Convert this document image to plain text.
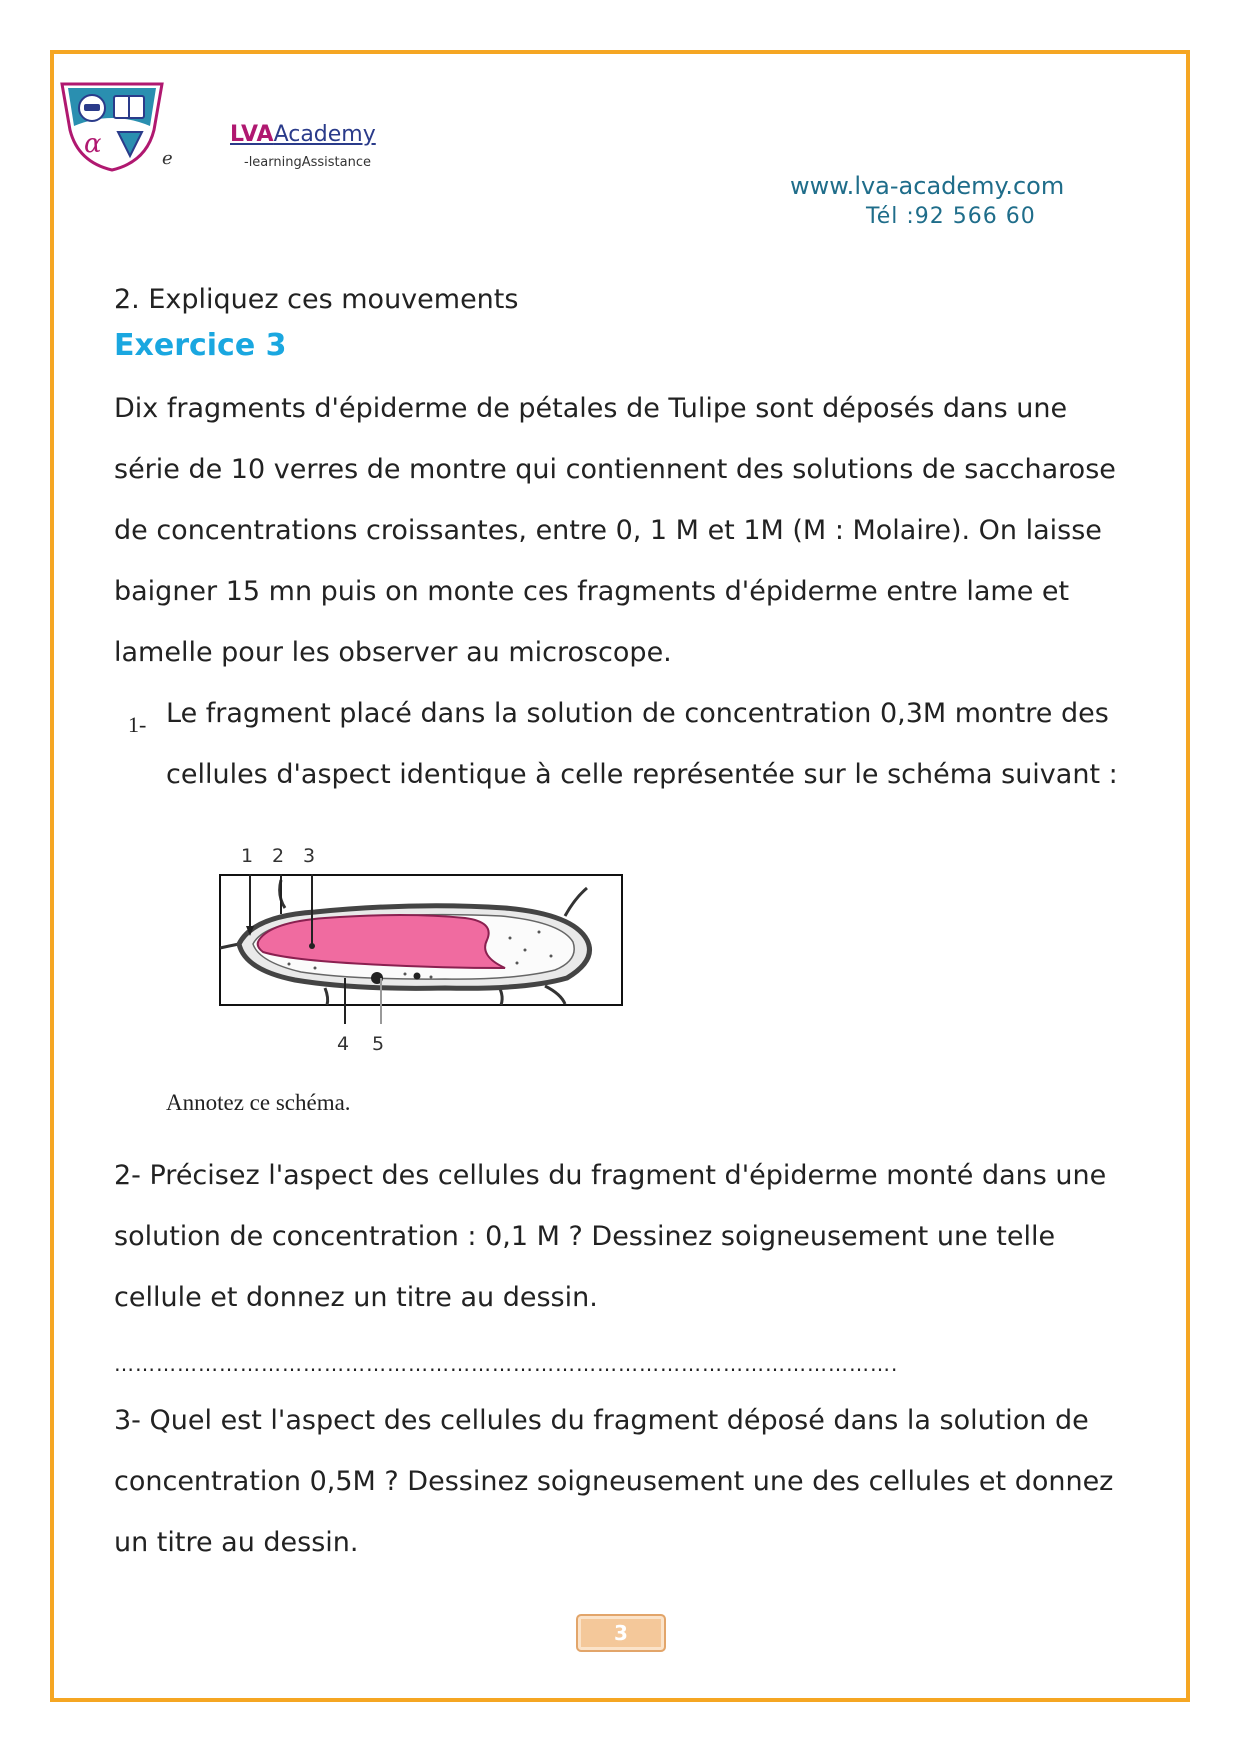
α	e
LVAAcademy
-learningAssistance
www.lva-academy.com
Tél :92 566 60
2. Expliquez ces mouvements
Exercice 3
Dix fragments d'épiderme de pétales de Tulipe sont déposés dans une
série de 10 verres de montre qui contiennent des solutions de saccharose
de concentrations croissantes, entre 0, 1 M et 1M (M : Molaire). On laisse
baigner 15 mn puis on monte ces fragments d'épiderme entre lame et
lamelle pour les observer au microscope.
1- Le fragment placé dans la solution de concentration 0,3M montre des
cellules d'aspect identique à celle représentée sur le schéma suivant :
1 2 3
4 5
Annotez ce schéma.
2- Précisez l'aspect des cellules du fragment d'épiderme monté dans une
solution de concentration : 0,1 M ? Dessinez soigneusement une telle
cellule et donnez un titre au dessin.
………………………………………………………………………………………………….
3- Quel est l'aspect des cellules du fragment déposé dans la solution de
concentration 0,5M ? Dessinez soigneusement une des cellules et donnez
un titre au dessin.
3
